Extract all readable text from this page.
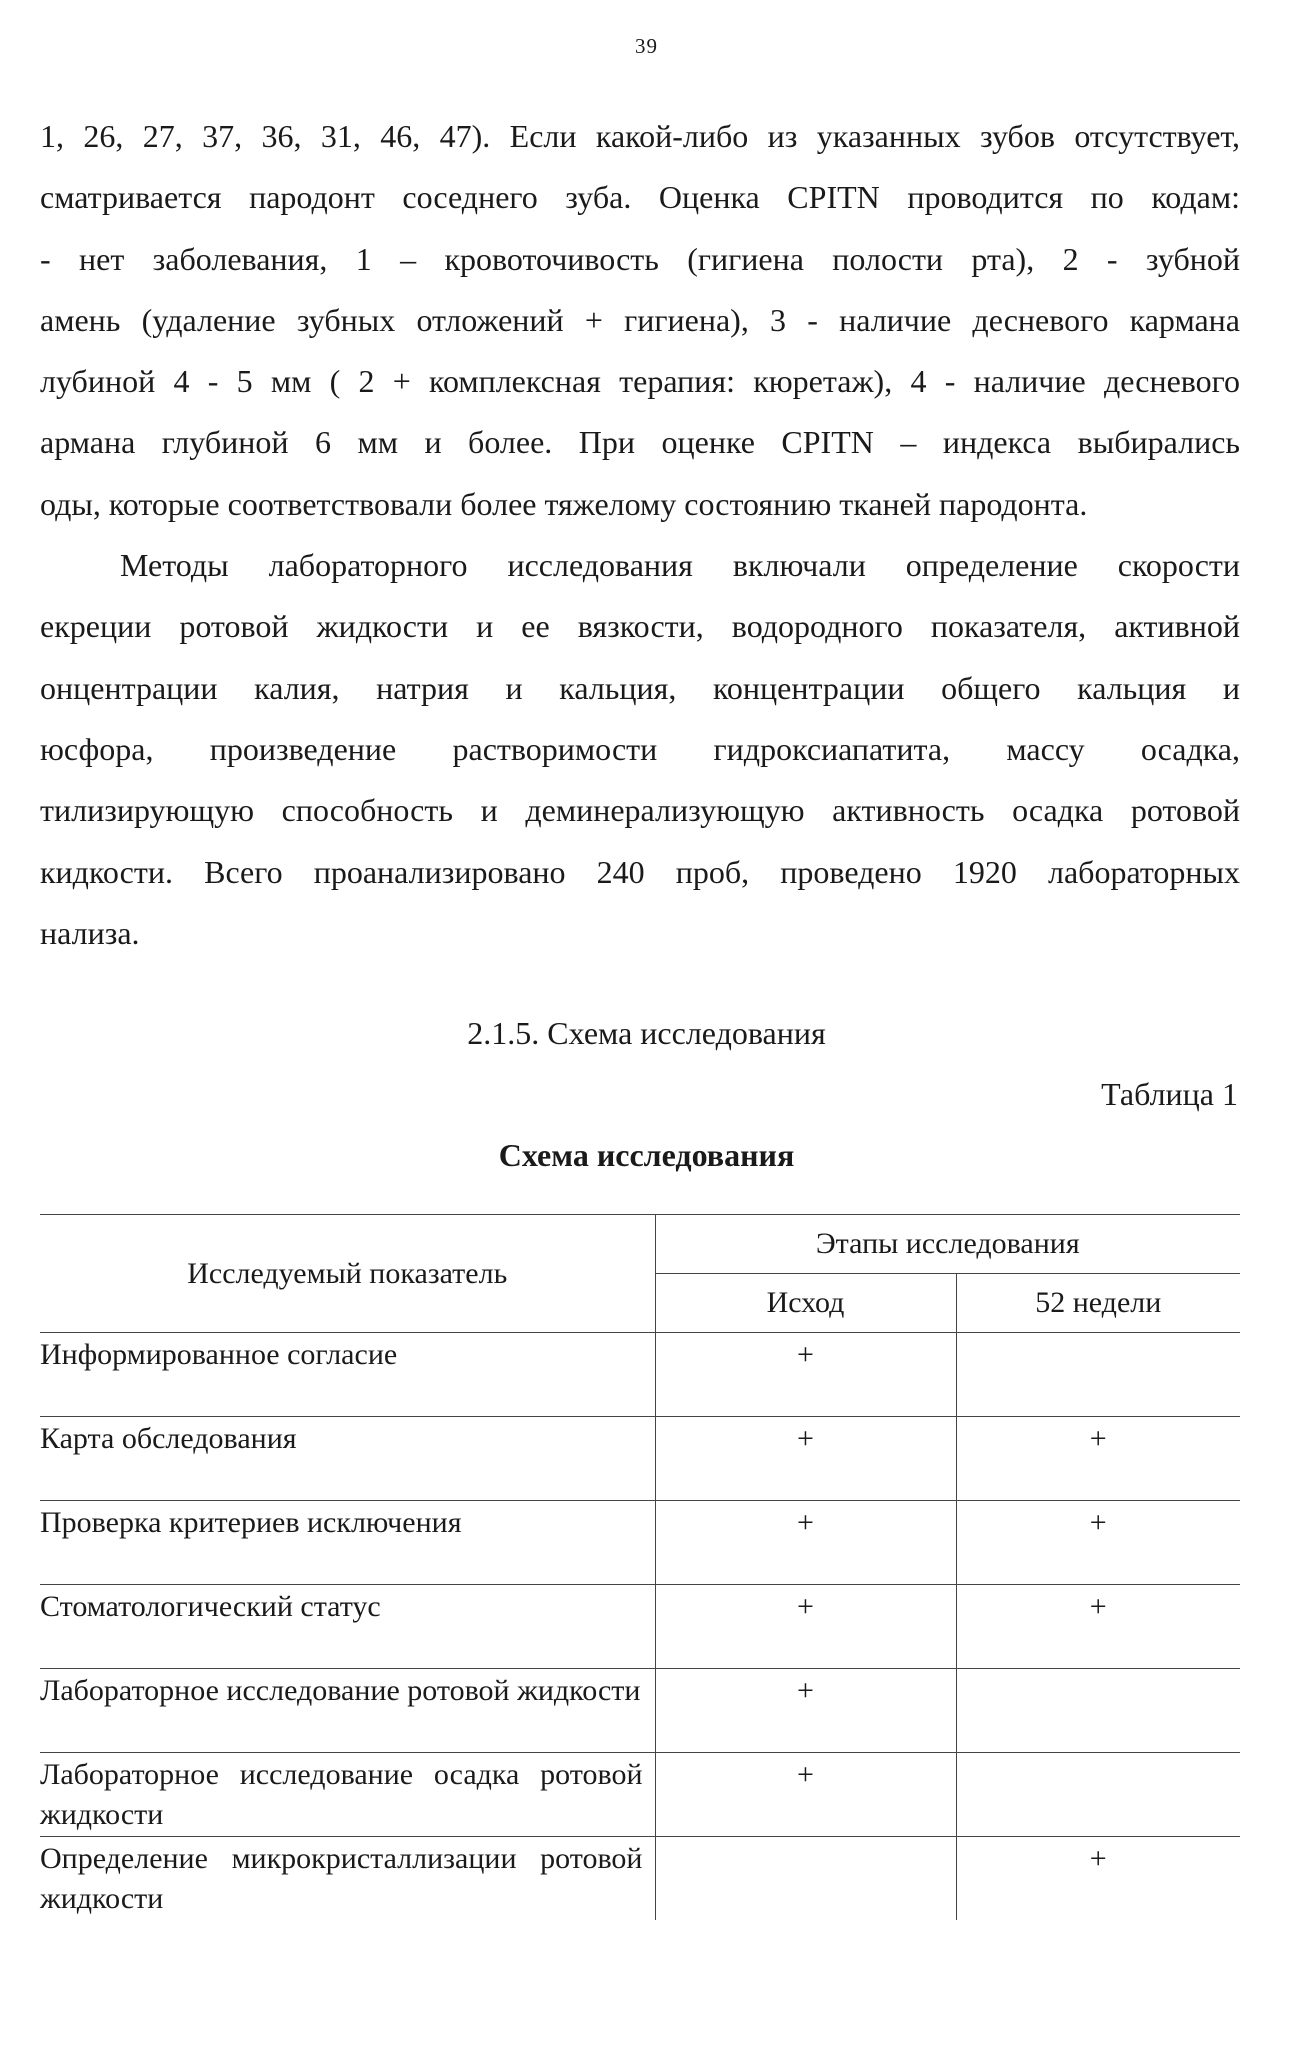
39
1, 26, 27, 37, 36, 31, 46, 47). Если какой-либо из указанных зубов отсутствует,
сматривается пародонт соседнего зуба. Оценка CPITN проводится по кодам:
- нет заболевания, 1 – кровоточивость (гигиена полости рта), 2 - зубной
амень (удаление зубных отложений + гигиена), 3 - наличие десневого кармана
лубиной 4 - 5 мм ( 2 + комплексная терапия: кюретаж), 4 - наличие десневого
армана глубиной 6 мм и более. При оценке CPITN – индекса выбирались
оды, которые соответствовали более тяжелому состоянию тканей пародонта.
Методы лабораторного исследования включали определение скорости
екреции ротовой жидкости и ее вязкости, водородного показателя, активной
онцентрации калия, натрия и кальция, концентрации общего кальция и
юсфора, произведение растворимости гидроксиапатита, массу осадка,
тилизирующую способность и деминерализующую активность осадка ротовой
кидкости. Всего проанализировано 240 проб, проведено 1920 лабораторных
нализа.
2.1.5. Схема исследования
Таблица 1
Схема исследования
Исследуемый показатель	Этапы исследования	
	Исход	52 недели
Информированное согласие	+	
Карта обследования	+	+
Проверка критериев исключения	+	+
Стоматологический статус	+	+
Лабораторное исследование ротовой жидкости	+	
Лабораторное исследование осадка ротовой жидкости	+	
Определение микрокристаллизации ротовой жидкости		+
